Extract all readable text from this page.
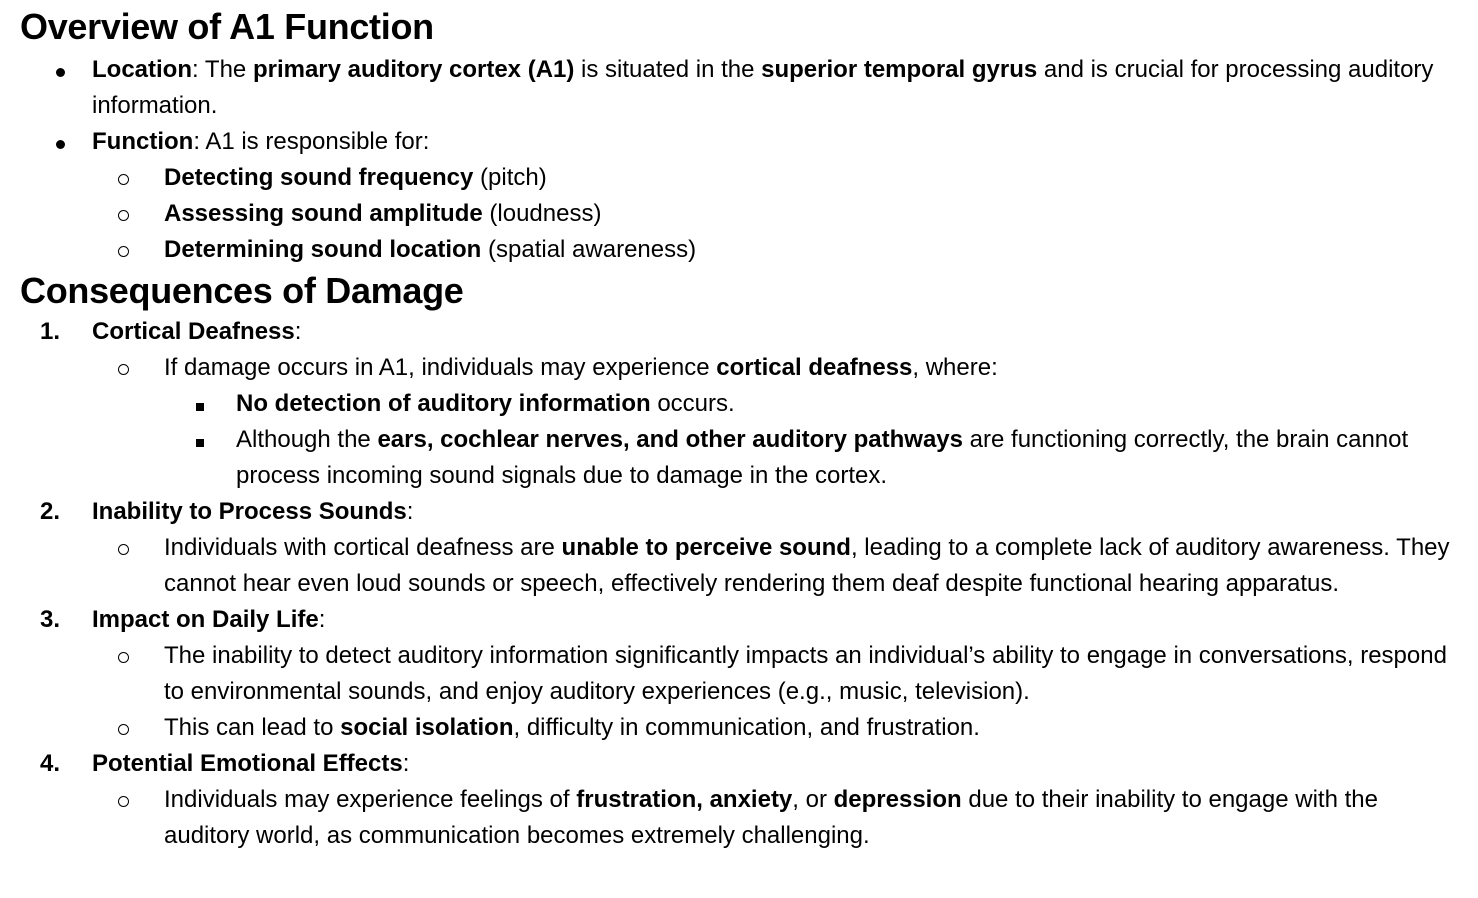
Overview of A1 Function
Location: The primary auditory cortex (A1) is situated in the superior temporal gyrus and is crucial for processing auditory information.
Function: A1 is responsible for:
Detecting sound frequency (pitch)
Assessing sound amplitude (loudness)
Determining sound location (spatial awareness)
Consequences of Damage
1. Cortical Deafness:
If damage occurs in A1, individuals may experience cortical deafness, where:
No detection of auditory information occurs.
Although the ears, cochlear nerves, and other auditory pathways are functioning correctly, the brain cannot process incoming sound signals due to damage in the cortex.
2. Inability to Process Sounds:
Individuals with cortical deafness are unable to perceive sound, leading to a complete lack of auditory awareness. They cannot hear even loud sounds or speech, effectively rendering them deaf despite functional hearing apparatus.
3. Impact on Daily Life:
The inability to detect auditory information significantly impacts an individual’s ability to engage in conversations, respond to environmental sounds, and enjoy auditory experiences (e.g., music, television).
This can lead to social isolation, difficulty in communication, and frustration.
4. Potential Emotional Effects:
Individuals may experience feelings of frustration, anxiety, or depression due to their inability to engage with the auditory world, as communication becomes extremely challenging.
